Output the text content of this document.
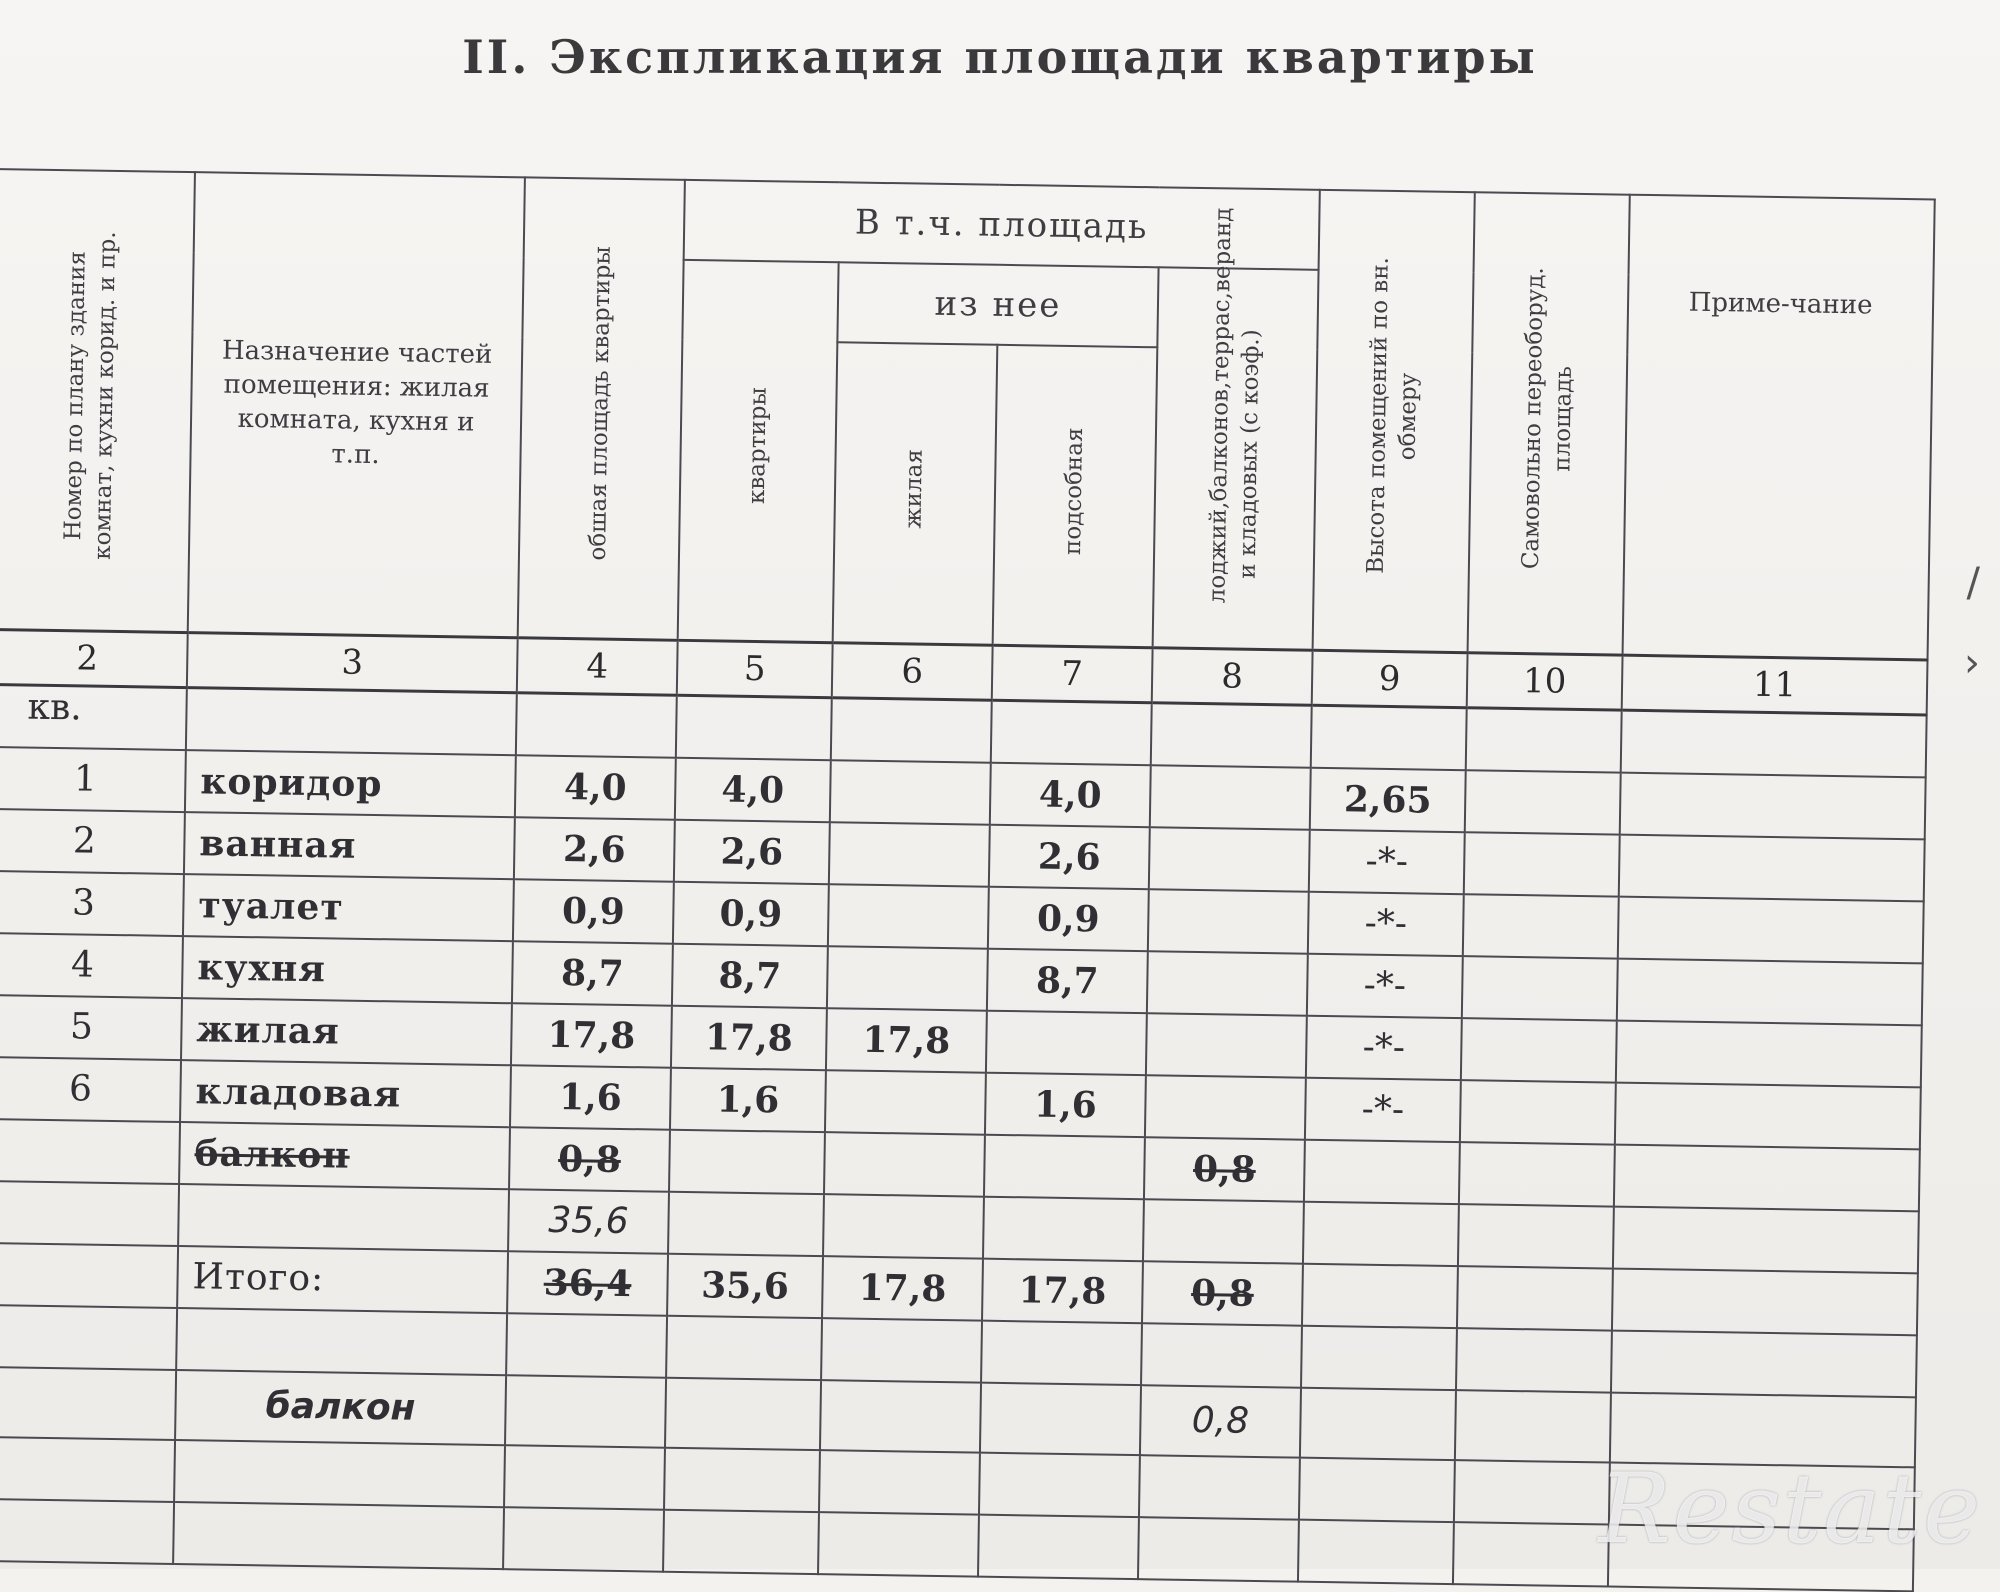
II. Экспликация площади квартиры
Номер по плану здания комнат, кухни корид. и пр.	Назначение частей помещения: жилая комната, кухня и т.п.	обшая площадь квартиры	В т.ч. площадь				Высота помещений по вн. обмеру	Самовольно переоборуд. площадь	Приме-чание
			квартиры	из нее		лоджий,балконов,террас,веранд и кладовых (с коэф.)			
				жилая	подсобная				
2	3	4	5	6	7	8	9	10	11
кв.									
1	коридор	4,0	4,0		4,0		2,65		
2	ванная	2,6	2,6		2,6		-*-		
3	туалет	0,9	0,9		0,9		-*-		
4	кухня	8,7	8,7		8,7		-*-		
5	жилая	17,8	17,8	17,8			-*-		
6	кладовая	1,6	1,6		1,6		-*-		
	балкон	0,8				0,8			
		35,6							
	Итого:	36,4	35,6	17,8	17,8	0,8			

	балкон					0,8			

/
›
Restate
